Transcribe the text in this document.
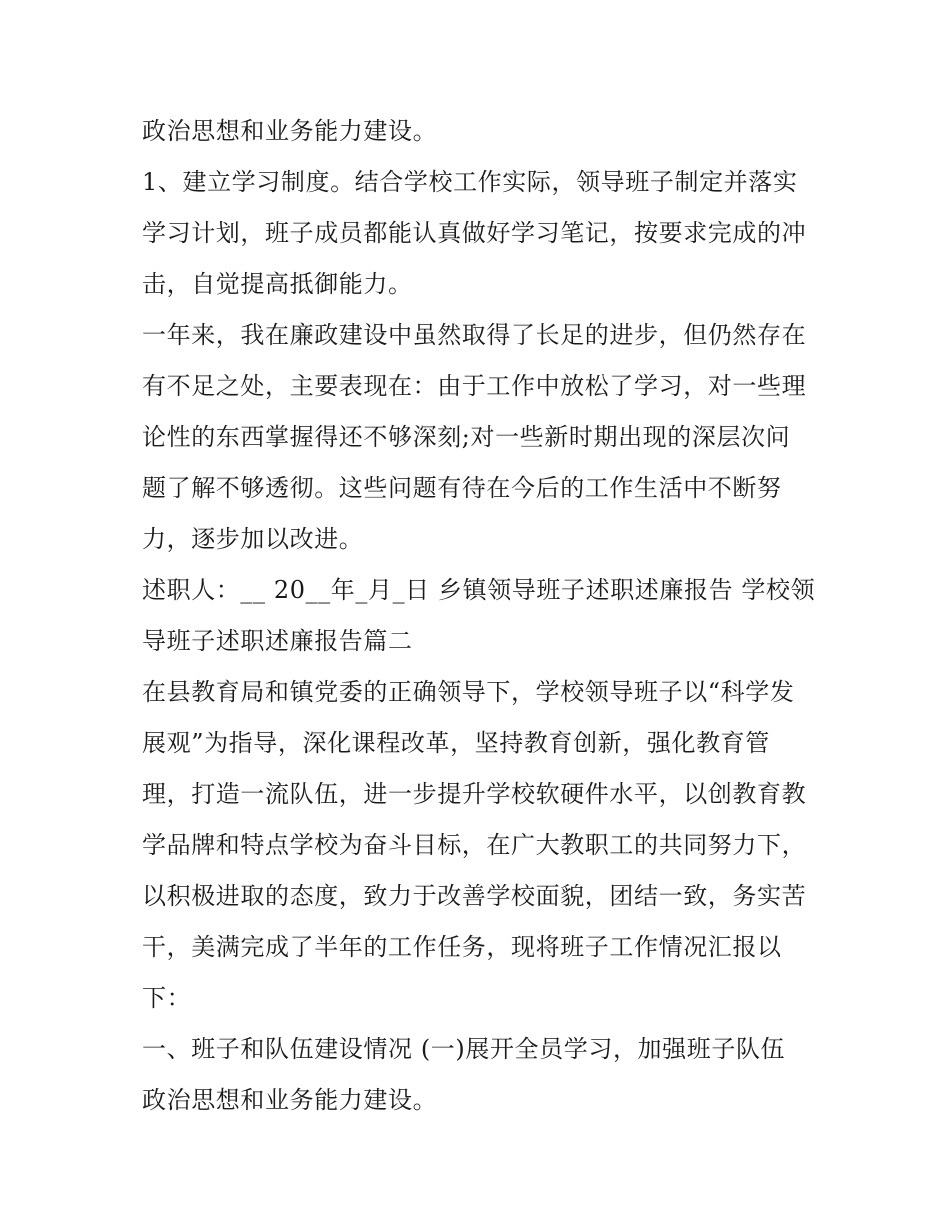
政治思想和业务能力建设。
1、建立学习制度。结合学校工作实际，领导班子制定并落实
学习计划，班子成员都能认真做好学习笔记，按要求完成的冲
击，自觉提高抵御能力。
一年来，我在廉政建设中虽然取得了长足的进步，但仍然存在
有不足之处，主要表现在：由于工作中放松了学习，对一些理
论性的东西掌握得还不够深刻;对一些新时期出现的深层次问
题了解不够透彻。这些问题有待在今后的工作生活中不断努
力，逐步加以改进。
述职人：__ 20__年_月_日 乡镇领导班子述职述廉报告 学校领
导班子述职述廉报告篇二
在县教育局和镇党委的正确领导下，学校领导班子以“科学发
展观”为指导，深化课程改革，坚持教育创新，强化教育管
理，打造一流队伍，进一步提升学校软硬件水平，以创教育教
学品牌和特点学校为奋斗目标，在广大教职工的共同努力下，
以积极进取的态度，致力于改善学校面貌，团结一致，务实苦
干，美满完成了半年的工作任务，现将班子工作情况汇报以
下：
一、班子和队伍建设情况 (一)展开全员学习，加强班子队伍
政治思想和业务能力建设。
